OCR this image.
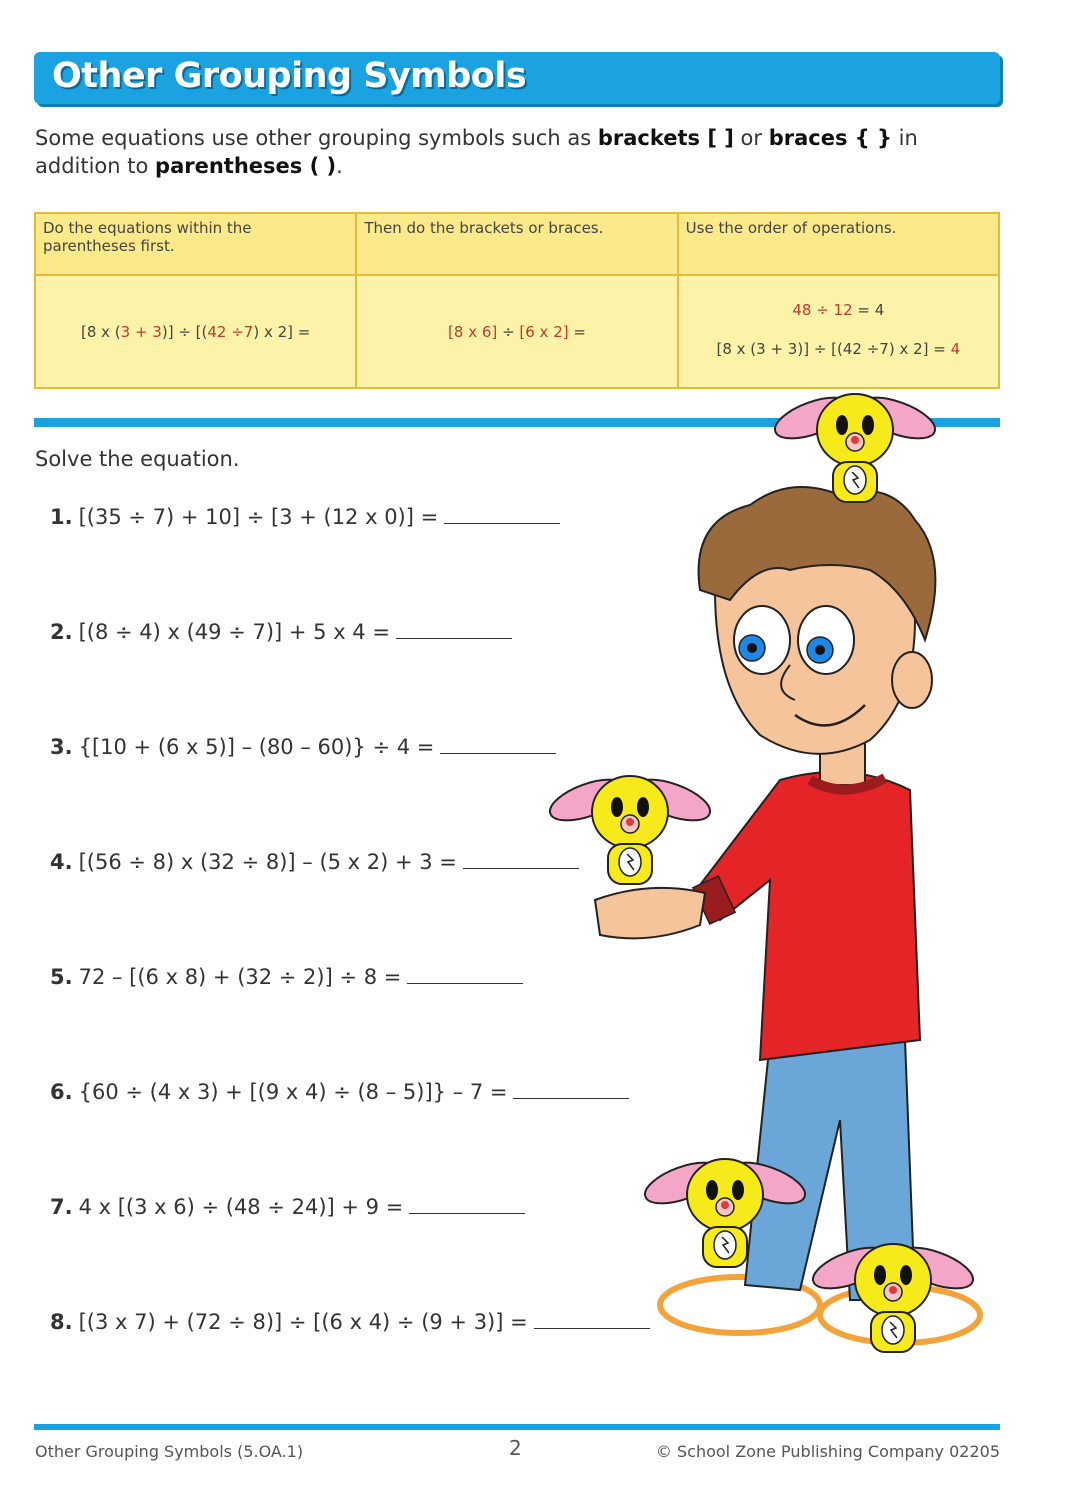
Other Grouping Symbols
Some equations use other grouping symbols such as brackets [ ] or braces { } in addition to parentheses ( ).
Do the equations within the parentheses first.	Then do the brackets or braces.	Use the order of operations.
[8 x (3 + 3)] ÷ [(42 ÷7) x 2] =	[8 x 6] ÷ [6 x 2] =	48 ÷ 12 = 4
[8 x (3 + 3)] ÷ [(42 ÷7) x 2] = 4
Solve the equation.
1. [(35 ÷ 7) + 10] ÷ [3 + (12 x 0)] =
2. [(8 ÷ 4) x (49 ÷ 7)] + 5 x 4 =
3. {[10 + (6 x 5)] – (80 – 60)} ÷ 4 =
4. [(56 ÷ 8) x (32 ÷ 8)] – (5 x 2) + 3 =
5. 72 – [(6 x 8) + (32 ÷ 2)] ÷ 8 =
6. {60 ÷ (4 x 3) + [(9 x 4) ÷ (8 – 5)]} – 7 =
7. 4 x [(3 x 6) ÷ (48 ÷ 24)] + 9 =
8. [(3 x 7) + (72 ÷ 8)] ÷ [(6 x 4) ÷ (9 + 3)] =
Other Grouping Symbols (5.OA.1)	2	© School Zone Publishing Company 02205
